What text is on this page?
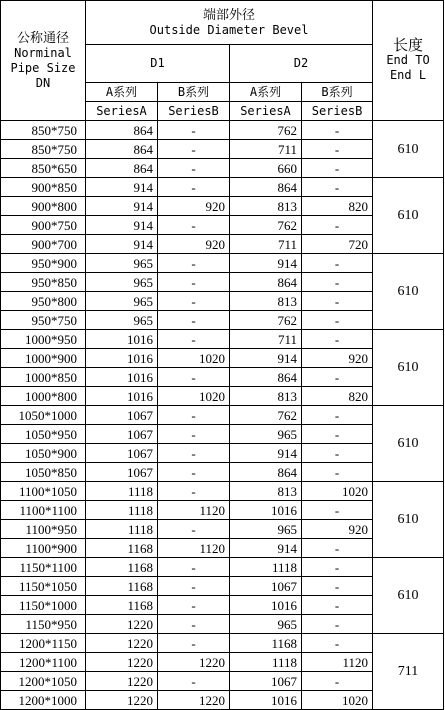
公称通径
Norminal
Pipe Size
DN	端部外径
Outside Diameter Bevel				长度
End TO
End L

	D1		D2		
	A系列	B系列	A系列	B系列	
	SeriesA	SeriesB	SeriesA	SeriesB	
850*750	864	-	762	-	610
850*750	864	-	711	-	
850*650	864	-	660	-	
900*850	914	-	864	-	610
900*800	914	920	813	820	
900*750	914	-	762	-	
900*700	914	920	711	720	
950*900	965	-	914	-	610
950*850	965	-	864	-	
950*800	965	-	813	-	
950*750	965	-	762	-	
1000*950	1016	-	711	-	610
1000*900	1016	1020	914	920	
1000*850	1016	-	864	-	
1000*800	1016	1020	813	820	
1050*1000	1067	-	762	-	610
1050*950	1067	-	965	-	
1050*900	1067	-	914	-	
1050*850	1067	-	864	-	
1100*1050	1118	-	813	1020	610
1100*1100	1118	1120	1016	-	
1100*950	1118	-	965	920	
1100*900	1168	1120	914	-	
1150*1100	1168	-	1118	-	610
1150*1050	1168	-	1067	-	
1150*1000	1168	-	1016	-	
1150*950	1220	-	965	-	
1200*1150	1220	-	1168	-	711
1200*1100	1220	1220	1118	1120	
1200*1050	1220	-	1067	-	
1200*1000	1220	1220	1016	1020	
